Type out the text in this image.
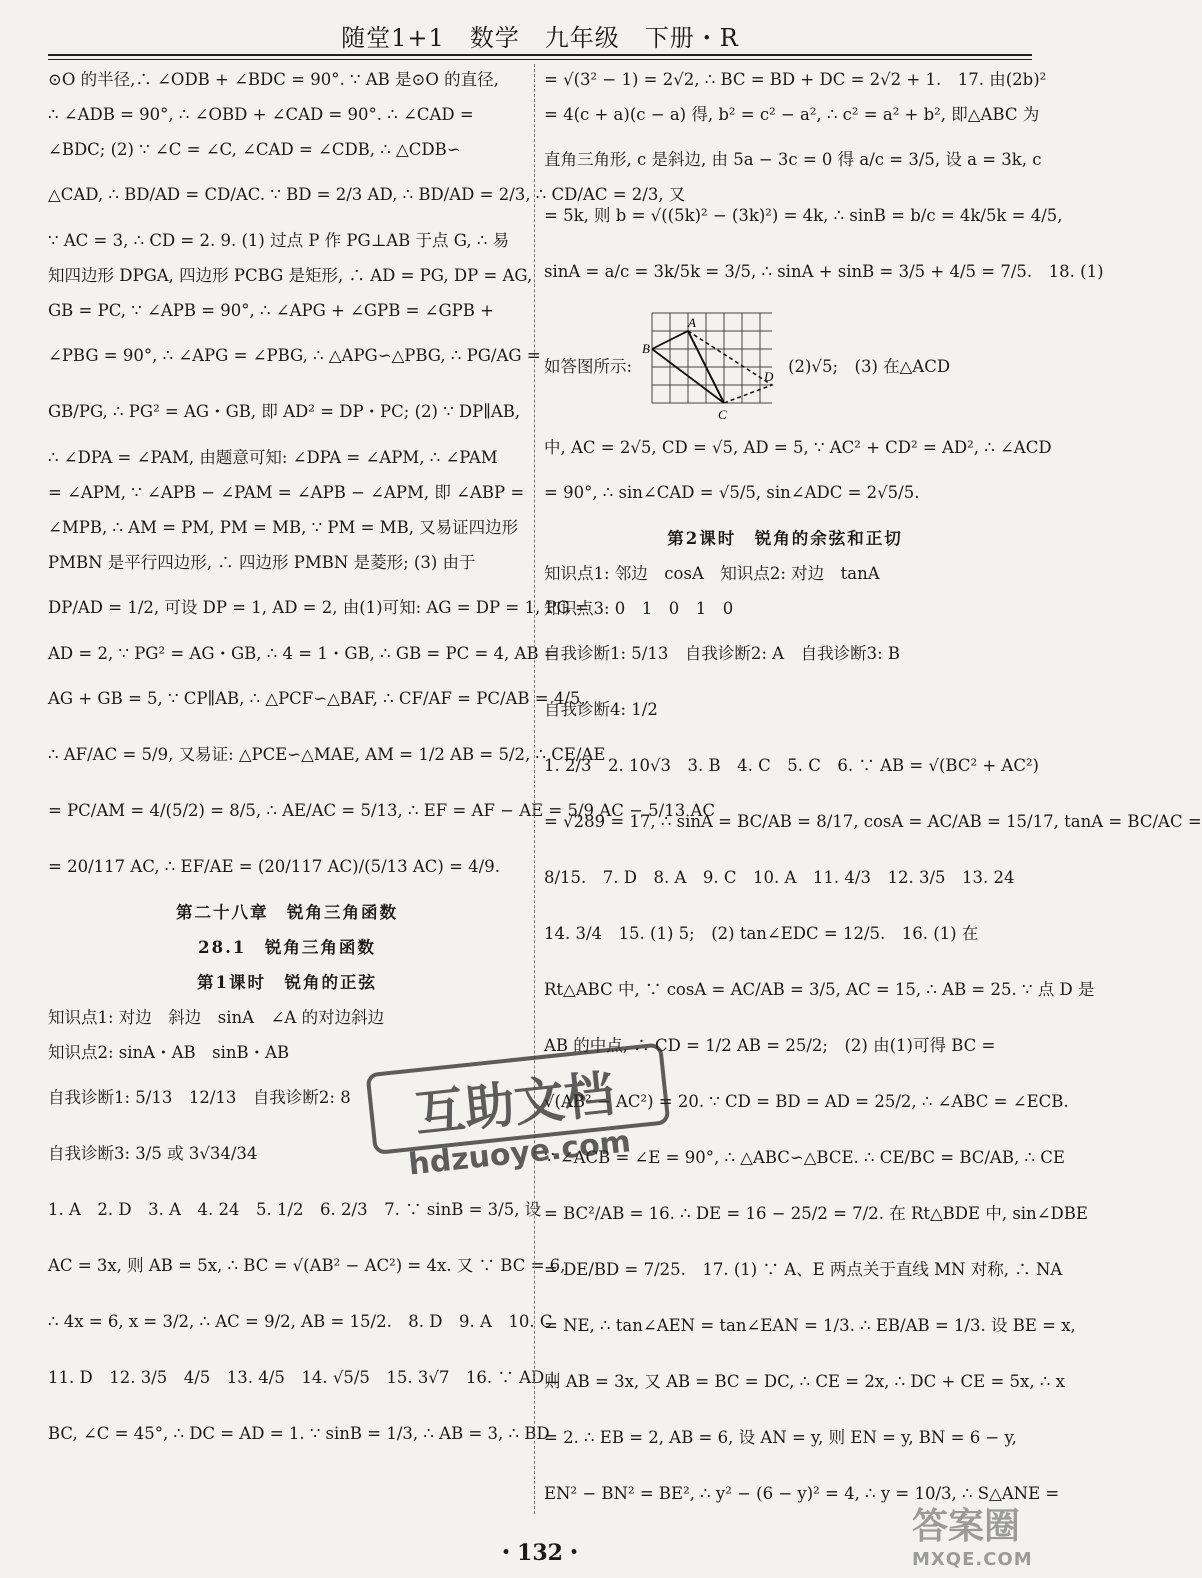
随堂1+1　数学　九年级　下册・R
⊙O 的半径,∴ ∠ODB + ∠BDC = 90°. ∵ AB 是⊙O 的直径,
∴ ∠ADB = 90°, ∴ ∠OBD + ∠CAD = 90°. ∴ ∠CAD =
∠BDC; (2) ∵ ∠C = ∠C, ∠CAD = ∠CDB, ∴ △CDB∽
△CAD, ∴ BD/AD = CD/AC. ∵ BD = 2/3 AD, ∴ BD/AD = 2/3, ∴ CD/AC = 2/3, 又
∵ AC = 3, ∴ CD = 2. 9. (1) 过点 P 作 PG⊥AB 于点 G, ∴ 易
知四边形 DPGA, 四边形 PCBG 是矩形, ∴ AD = PG, DP = AG,
GB = PC, ∵ ∠APB = 90°, ∴ ∠APG + ∠GPB = ∠GPB +
∠PBG = 90°, ∴ ∠APG = ∠PBG, ∴ △APG∽△PBG, ∴ PG/AG =
GB/PG, ∴ PG² = AG・GB, 即 AD² = DP・PC; (2) ∵ DP∥AB,
∴ ∠DPA = ∠PAM, 由题意可知: ∠DPA = ∠APM, ∴ ∠PAM
= ∠APM, ∵ ∠APB − ∠PAM = ∠APB − ∠APM, 即 ∠ABP =
∠MPB, ∴ AM = PM, PM = MB, ∵ PM = MB, 又易证四边形
PMBN 是平行四边形, ∴ 四边形 PMBN 是菱形; (3) 由于
DP/AD = 1/2, 可设 DP = 1, AD = 2, 由(1)可知: AG = DP = 1, PG =
AD = 2, ∵ PG² = AG・GB, ∴ 4 = 1・GB, ∴ GB = PC = 4, AB =
AG + GB = 5, ∵ CP∥AB, ∴ △PCF∽△BAF, ∴ CF/AF = PC/AB = 4/5,
∴ AF/AC = 5/9, 又易证: △PCE∽△MAE, AM = 1/2 AB = 5/2, ∴ CE/AE
= PC/AM = 4/(5/2) = 8/5, ∴ AE/AC = 5/13, ∴ EF = AF − AE = 5/9 AC − 5/13 AC
= 20/117 AC, ∴ EF/AE = (20/117 AC)/(5/13 AC) = 4/9.
第二十八章　锐角三角函数
28.1　锐角三角函数
第1课时　锐角的正弦
知识点1: 对边　斜边　sinA　∠A 的对边斜边
知识点2: sinA・AB　sinB・AB
自我诊断1: 5/13　12/13　自我诊断2: 8
自我诊断3: 3/5 或 3√34/34
1. A　2. D　3. A　4. 24　5. 1/2　6. 2/3　7. ∵ sinB = 3/5, 设
AC = 3x, 则 AB = 5x, ∴ BC = √(AB² − AC²) = 4x. 又 ∵ BC = 6,
∴ 4x = 6, x = 3/2, ∴ AC = 9/2, AB = 15/2.　8. D　9. A　10. C
11. D　12. 3/5　4/5　13. 4/5　14. √5/5　15. 3√7　16. ∵ AD⊥
BC, ∠C = 45°, ∴ DC = AD = 1. ∵ sinB = 1/3, ∴ AB = 3, ∴ BD
= √(3² − 1) = 2√2, ∴ BC = BD + DC = 2√2 + 1.　17. 由(2b)²
= 4(c + a)(c − a) 得, b² = c² − a², ∴ c² = a² + b², 即△ABC 为
直角三角形, c 是斜边, 由 5a − 3c = 0 得 a/c = 3/5, 设 a = 3k, c
= 5k, 则 b = √((5k)² − (3k)²) = 4k, ∴ sinB = b/c = 4k/5k = 4/5,
sinA = a/c = 3k/5k = 3/5, ∴ sinA + sinB = 3/5 + 4/5 = 7/5.　18. (1)
如答图所示:
A
B
C
D
(2)√5;　(3) 在△ACD
中, AC = 2√5, CD = √5, AD = 5, ∵ AC² + CD² = AD², ∴ ∠ACD
= 90°, ∴ sin∠CAD = √5/5, sin∠ADC = 2√5/5.
第2课时　锐角的余弦和正切
知识点1: 邻边　cosA　知识点2: 对边　tanA
知识点3: 0　1　0　1　0
自我诊断1: 5/13　自我诊断2: A　自我诊断3: B
自我诊断4: 1/2
1. 2/3　2. 10√3　3. B　4. C　5. C　6. ∵ AB = √(BC² + AC²)
= √289 = 17, ∴ sinA = BC/AB = 8/17, cosA = AC/AB = 15/17, tanA = BC/AC =
8/15.　7. D　8. A　9. C　10. A　11. 4/3　12. 3/5　13. 24
14. 3/4　15. (1) 5;　(2) tan∠EDC = 12/5.　16. (1) 在
Rt△ABC 中, ∵ cosA = AC/AB = 3/5, AC = 15, ∴ AB = 25. ∵ 点 D 是
AB 的中点, ∴ CD = 1/2 AB = 25/2;　(2) 由(1)可得 BC =
√(AB² − AC²) = 20. ∵ CD = BD = AD = 25/2, ∴ ∠ABC = ∠ECB.
∵ ∠ACB = ∠E = 90°, ∴ △ABC∽△BCE. ∴ CE/BC = BC/AB, ∴ CE
= BC²/AB = 16. ∴ DE = 16 − 25/2 = 7/2. 在 Rt△BDE 中, sin∠DBE
= DE/BD = 7/25.　17. (1) ∵ A、E 两点关于直线 MN 对称, ∴ NA
= NE, ∴ tan∠AEN = tan∠EAN = 1/3. ∴ EB/AB = 1/3. 设 BE = x,
则 AB = 3x, 又 AB = BC = DC, ∴ CE = 2x, ∴ DC + CE = 5x, ∴ x
= 2. ∴ EB = 2, AB = 6, 设 AN = y, 则 EN = y, BN = 6 − y,
EN² − BN² = BE², ∴ y² − (6 − y)² = 4, ∴ y = 10/3, ∴ S△ANE =
互助文档
hdzuoye.com
・132・
答案圈
MXQE.COM
